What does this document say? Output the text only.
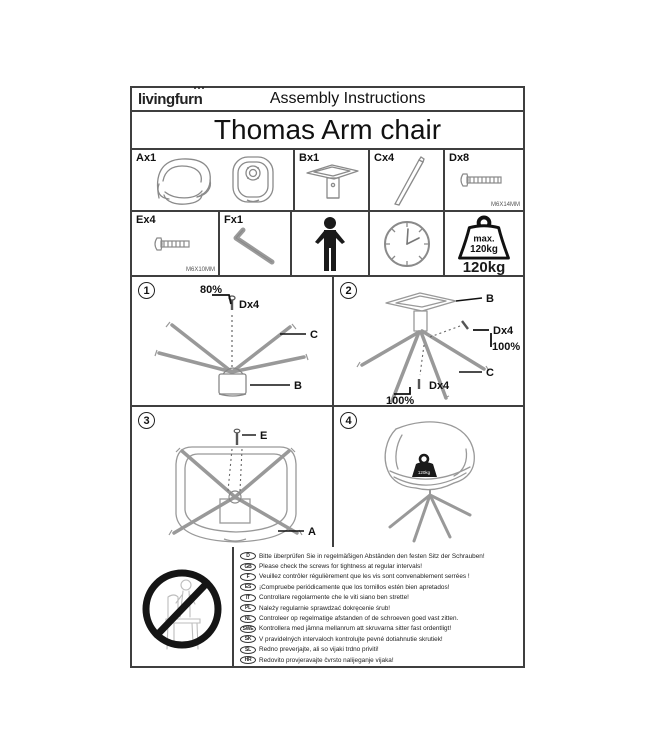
livingfurn	Assembly Instructions
Thomas Arm chair
Ax1	Bx1	Cx4	Dx8
M6X14MM
Ex4
M6X10MM
Fx1
max.
120kg
120kg
1	80%
Dx4
C
B
2
B
Dx4
100%
C
Dx4
100%
3
E
A
4
120kg
D	Bitte überprüfen Sie in regelmäßigen Abständen den festen Sitz der Schrauben!
GB	Please check the screws for tightness at regular intervals!
F	Veuillez contrôler régulièrement que les vis sont convenablement serrées !
ES	¡Compruebe periódicamente que los tornillos estén bien apretados!
IT	Controllare regolarmente che le viti siano ben strette!
PL	Należy regularnie sprawdzać dokręcenie śrub!
NL	Controleer op regelmatige afstanden of de schroeven goed vast zitten.
SWE Kontrollera med jämna mellanrum att skruvarna sitter fast ordentligt!
SK	V pravidelných intervaloch kontrolujte pevné dotiahnutie skrutiek!
SL	Redno preverjajte, ali so vijaki trdno priviti!
HR	Redovito provjeravajte čvrsto nalijeganje vijaka!
